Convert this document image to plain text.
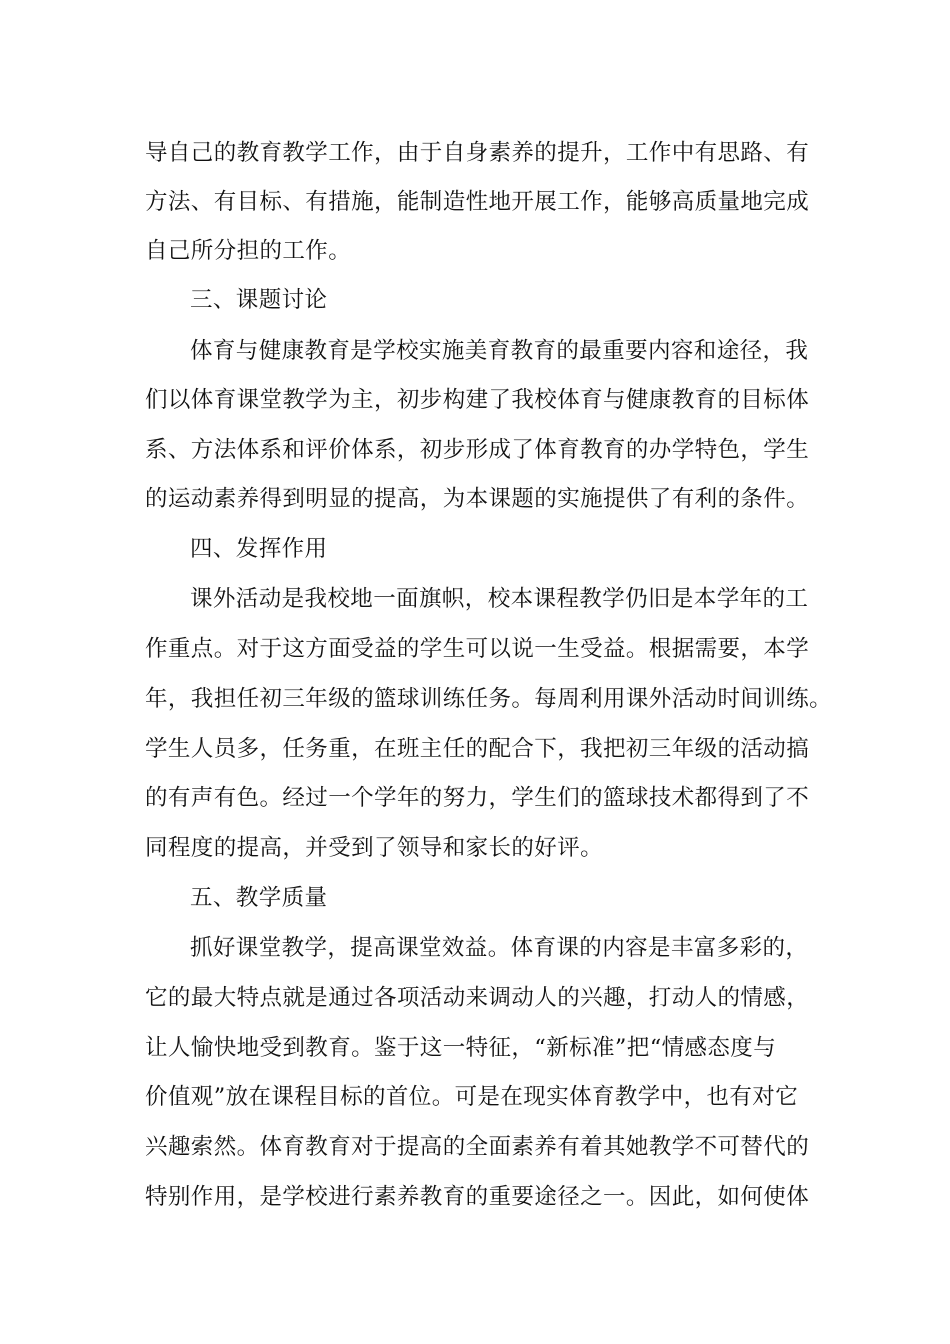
导自己的教育教学工作，由于自身素养的提升，工作中有思路、有
方法、有目标、有措施，能制造性地开展工作，能够高质量地完成
自己所分担的工作。
三、课题讨论
体育与健康教育是学校实施美育教育的最重要内容和途径，我
们以体育课堂教学为主，初步构建了我校体育与健康教育的目标体
系、方法体系和评价体系，初步形成了体育教育的办学特色，学生
的运动素养得到明显的提高，为本课题的实施提供了有利的条件。
四、发挥作用
课外活动是我校地一面旗帜，校本课程教学仍旧是本学年的工
作重点。对于这方面受益的学生可以说一生受益。根据需要，本学
年，我担任初三年级的篮球训练任务。每周利用课外活动时间训练。
学生人员多，任务重，在班主任的配合下，我把初三年级的活动搞
的有声有色。经过一个学年的努力，学生们的篮球技术都得到了不
同程度的提高，并受到了领导和家长的好评。
五、教学质量
抓好课堂教学，提高课堂效益。体育课的内容是丰富多彩的，
它的最大特点就是通过各项活动来调动人的兴趣，打动人的情感，
让人愉快地受到教育。鉴于这一特征，“新标准”把“情感态度与
价值观”放在课程目标的首位。可是在现实体育教学中，也有对它
兴趣索然。体育教育对于提高的全面素养有着其她教学不可替代的
特别作用，是学校进行素养教育的重要途径之一。因此，如何使体
